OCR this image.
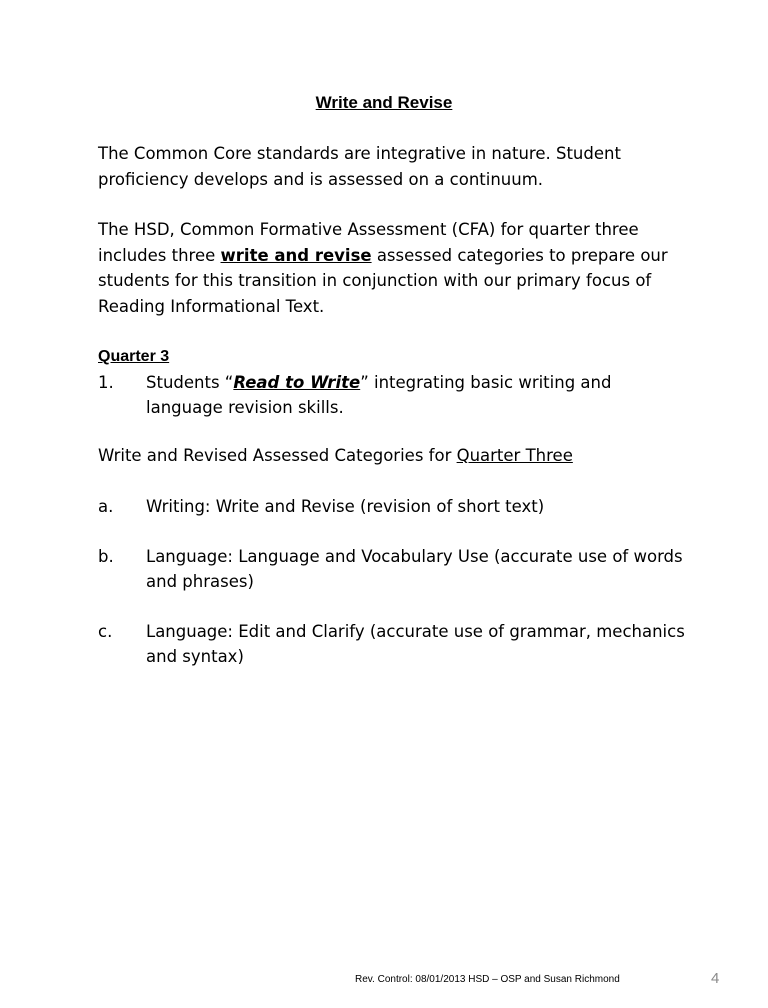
Write and Revise

The Common Core standards are integrative in nature. Student proficiency develops and is assessed on a continuum.

The HSD, Common Formative Assessment (CFA) for quarter three includes three write and revise assessed categories to prepare our students for this transition in conjunction with our primary focus of Reading Informational Text.

Quarter 3
1.	Students “Read to Write” integrating basic writing and language revision skills.

Write and Revised Assessed Categories for Quarter Three

a.	Writing: Write and Revise (revision of short text)
b.	Language: Language and Vocabulary Use (accurate use of words and phrases)
c.	Language: Edit and Clarify (accurate use of grammar, mechanics and syntax)
Rev. Control: 08/01/2013 HSD – OSP and Susan Richmond	4
